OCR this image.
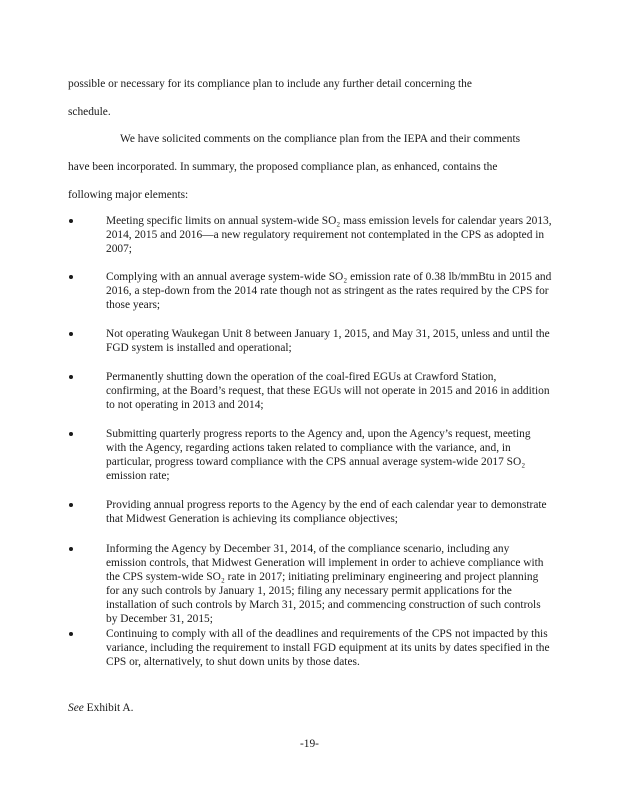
possible or necessary for its compliance plan to include any further detail concerning the
schedule.
We have solicited comments on the compliance plan from the IEPA and their comments
have been incorporated. In summary, the proposed compliance plan, as enhanced, contains the
following major elements:
Meeting specific limits on annual system-wide SO₂ mass emission levels for calendar years 2013, 2014, 2015 and 2016—a new regulatory requirement not contemplated in the CPS as adopted in 2007;
Complying with an annual average system-wide SO₂ emission rate of 0.38 lb/mmBtu in 2015 and 2016, a step-down from the 2014 rate though not as stringent as the rates required by the CPS for those years;
Not operating Waukegan Unit 8 between January 1, 2015, and May 31, 2015, unless and until the FGD system is installed and operational;
Permanently shutting down the operation of the coal-fired EGUs at Crawford Station, confirming, at the Board’s request, that these EGUs will not operate in 2015 and 2016 in addition to not operating in 2013 and 2014;
Submitting quarterly progress reports to the Agency and, upon the Agency’s request, meeting with the Agency, regarding actions taken related to compliance with the variance, and, in particular, progress toward compliance with the CPS annual average system-wide 2017 SO₂ emission rate;
Providing annual progress reports to the Agency by the end of each calendar year to demonstrate that Midwest Generation is achieving its compliance objectives;
Informing the Agency by December 31, 2014, of the compliance scenario, including any emission controls, that Midwest Generation will implement in order to achieve compliance with the CPS system-wide SO₂ rate in 2017; initiating preliminary engineering and project planning for any such controls by January 1, 2015; filing any necessary permit applications for the installation of such controls by March 31, 2015; and commencing construction of such controls by December 31, 2015;
Continuing to comply with all of the deadlines and requirements of the CPS not impacted by this variance, including the requirement to install FGD equipment at its units by dates specified in the CPS or, alternatively, to shut down units by those dates.
See Exhibit A.
-19-
